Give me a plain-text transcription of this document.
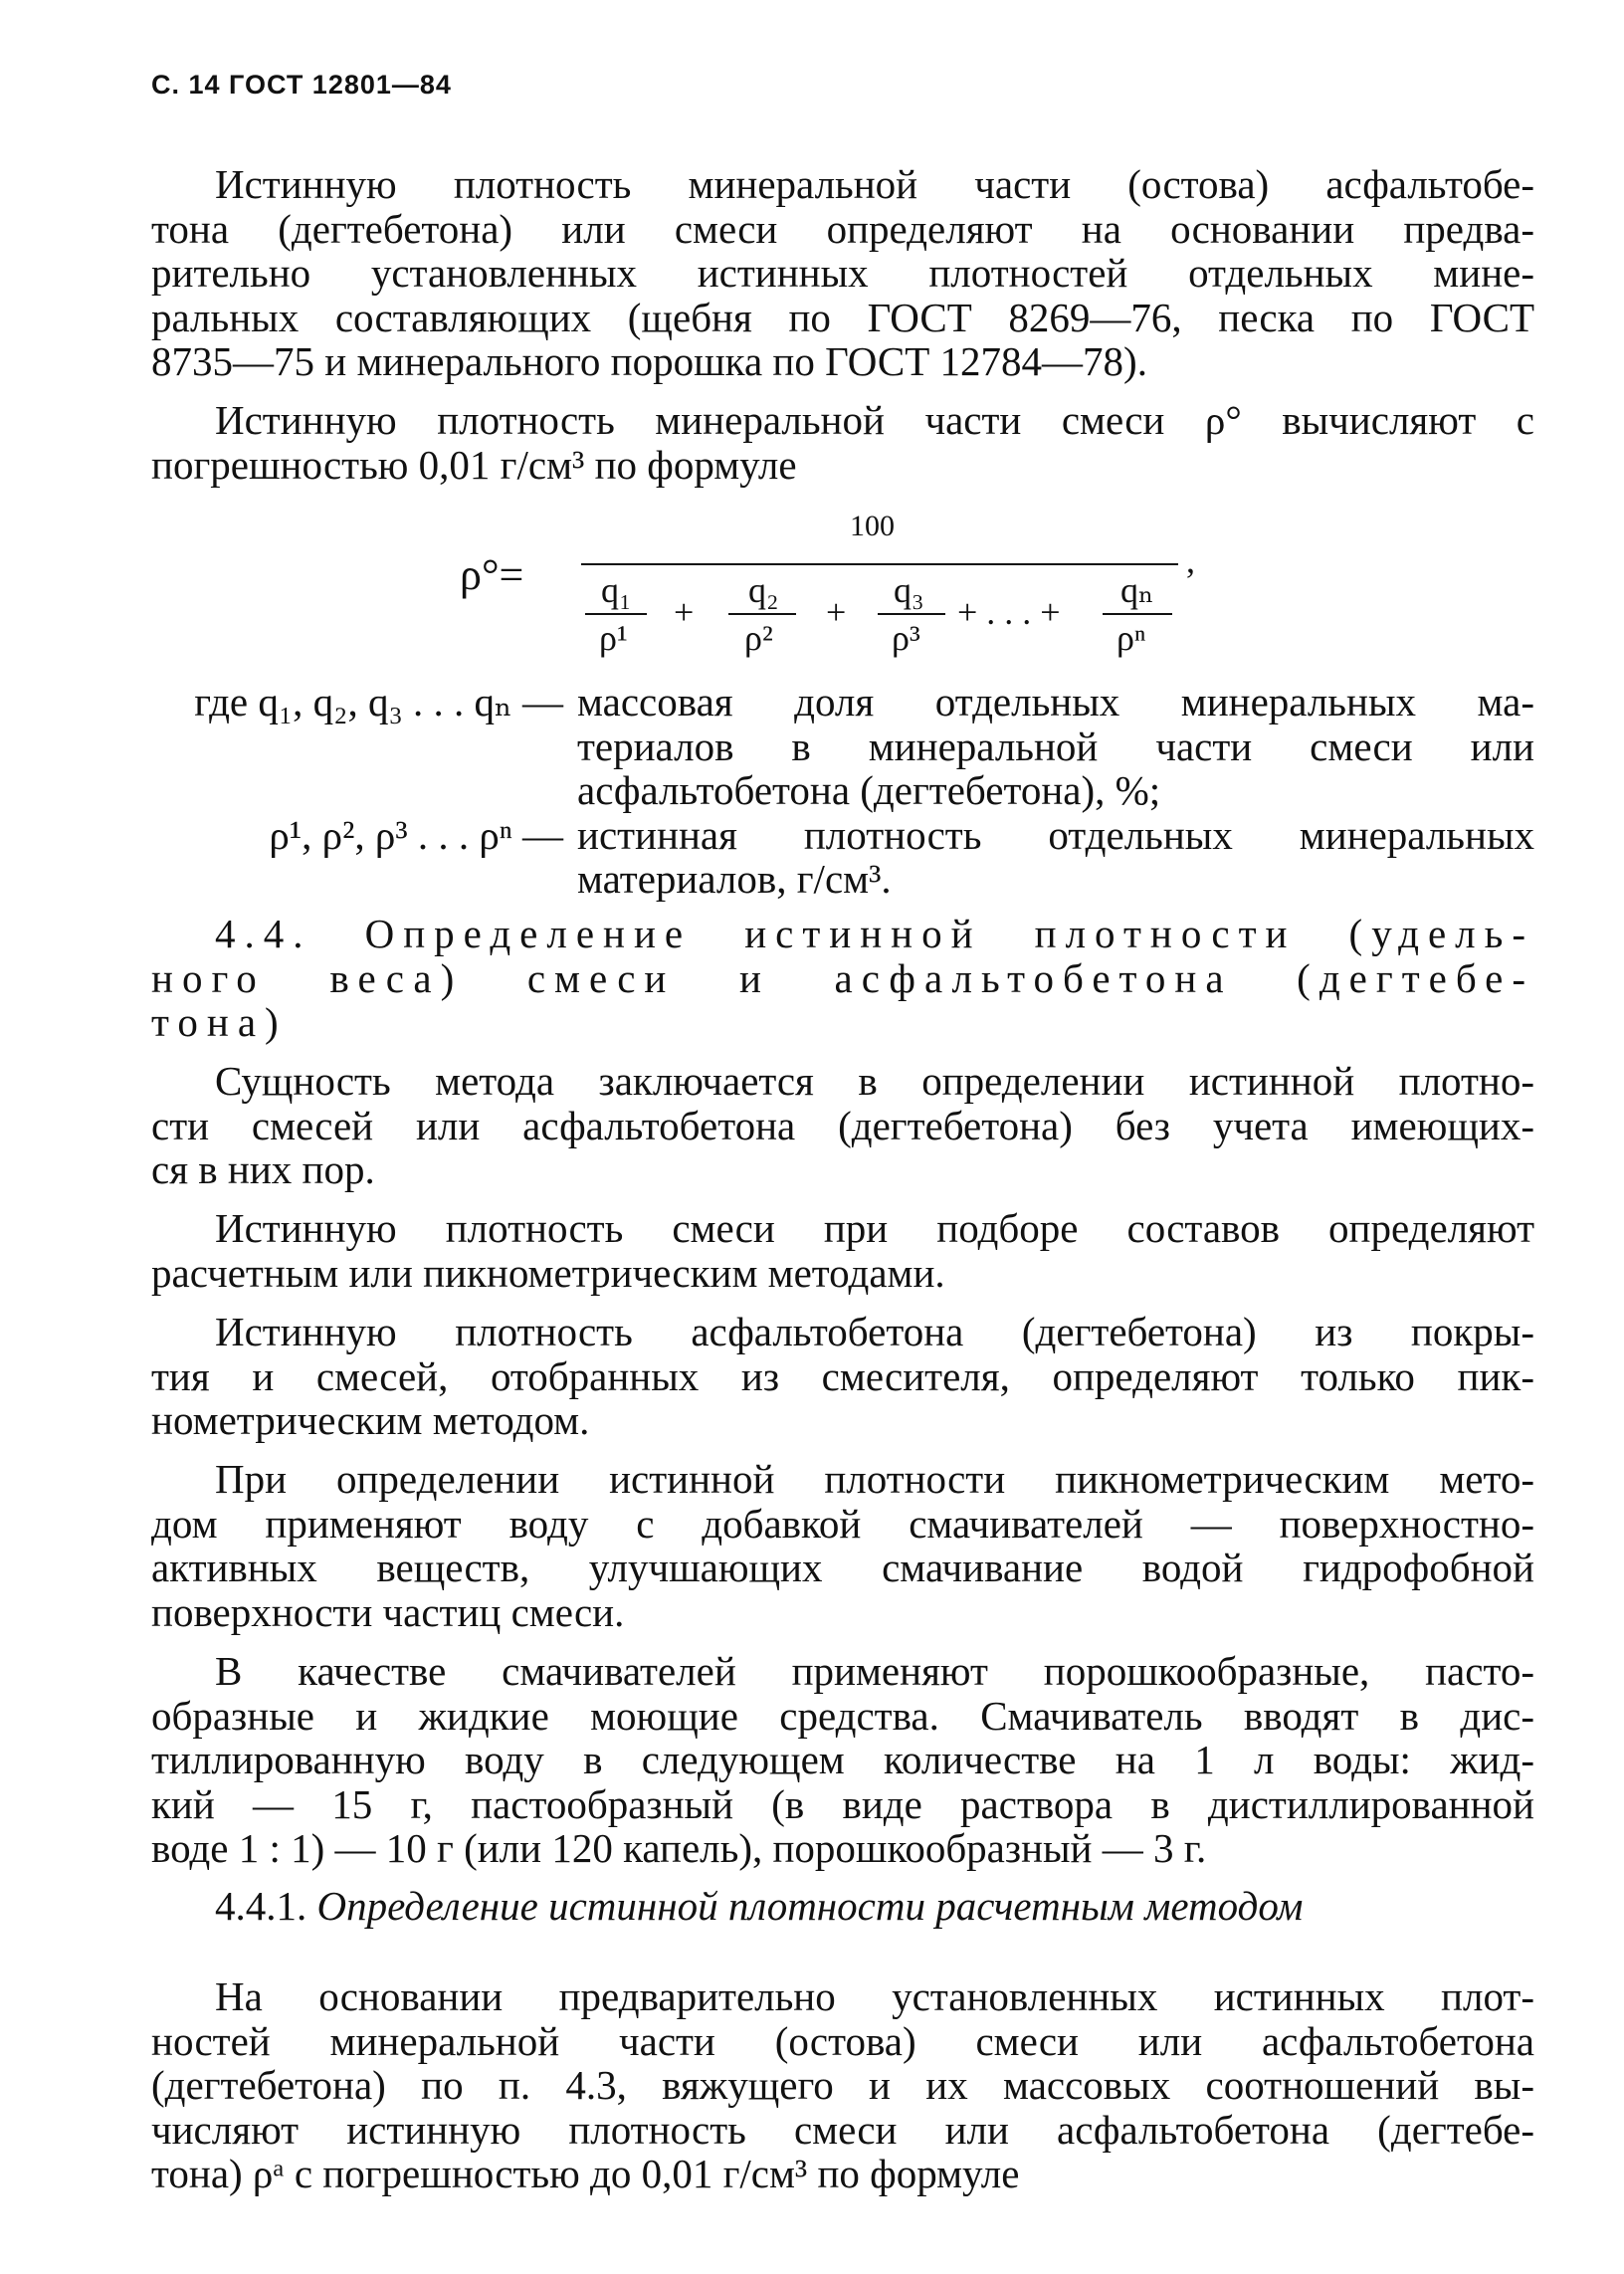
С. 14 ГОСТ 12801—84
Истинную плотность минеральной части (остова) асфальтобе-
тона (дегтебетона) или смеси определяют на основании предва-
рительно установленных истинных плотностей отдельных мине-
ральных составляющих (щебня по ГОСТ 8269—76, песка по ГОСТ
8735—75 и минерального порошка по ГОСТ 12784—78).
Истинную плотность минеральной части смеси ρ° вычисляют с
погрешностью 0,01 г/см³ по формуле
ρ°=
100
,
q₁
ρ¹
+
q₂
ρ²
+
q₃
ρ³
+ . . . +
qₙ
ρⁿ
где q₁, q₂, q₃ . . . qₙ — массовая доля отдельных минеральных ма-
териалов в минеральной части смеси или
асфальтобетона (дегтебетона), %;
ρ¹, ρ², ρ³ . . . ρⁿ — истинная плотность отдельных минеральных
материалов, г/см³.
4.4. Определение истинной плотности (удель-
ного веса) смеси и асфальтобетона (дегтебе-
тона)
Сущность метода заключается в определении истинной плотно-
сти смесей или асфальтобетона (дегтебетона) без учета имеющих-
ся в них пор.
Истинную плотность смеси при подборе составов определяют
расчетным или пикнометрическим методами.
Истинную плотность асфальтобетона (дегтебетона) из покры-
тия и смесей, отобранных из смесителя, определяют только пик-
нометрическим методом.
При определении истинной плотности пикнометрическим мето-
дом применяют воду с добавкой смачивателей — поверхностно-
активных веществ, улучшающих смачивание водой гидрофобной
поверхности частиц смеси.
В качестве смачивателей применяют порошкообразные, пасто-
образные и жидкие моющие средства. Смачиватель вводят в дис-
тиллированную воду в следующем количестве на 1 л воды: жид-
кий — 15 г, пастообразный (в виде раствора в дистиллированной
воде 1 : 1) — 10 г (или 120 капель), порошкообразный — 3 г.
4.4.1. Определение истинной плотности расчетным методом
На основании предварительно установленных истинных плот-
ностей минеральной части (остова) смеси или асфальтобетона
(дегтебетона) по п. 4.3, вяжущего и их массовых соотношений вы-
числяют истинную плотность смеси или асфальтобетона (дегтебе-
тона) ρᵃ с погрешностью до 0,01 г/см³ по формуле
